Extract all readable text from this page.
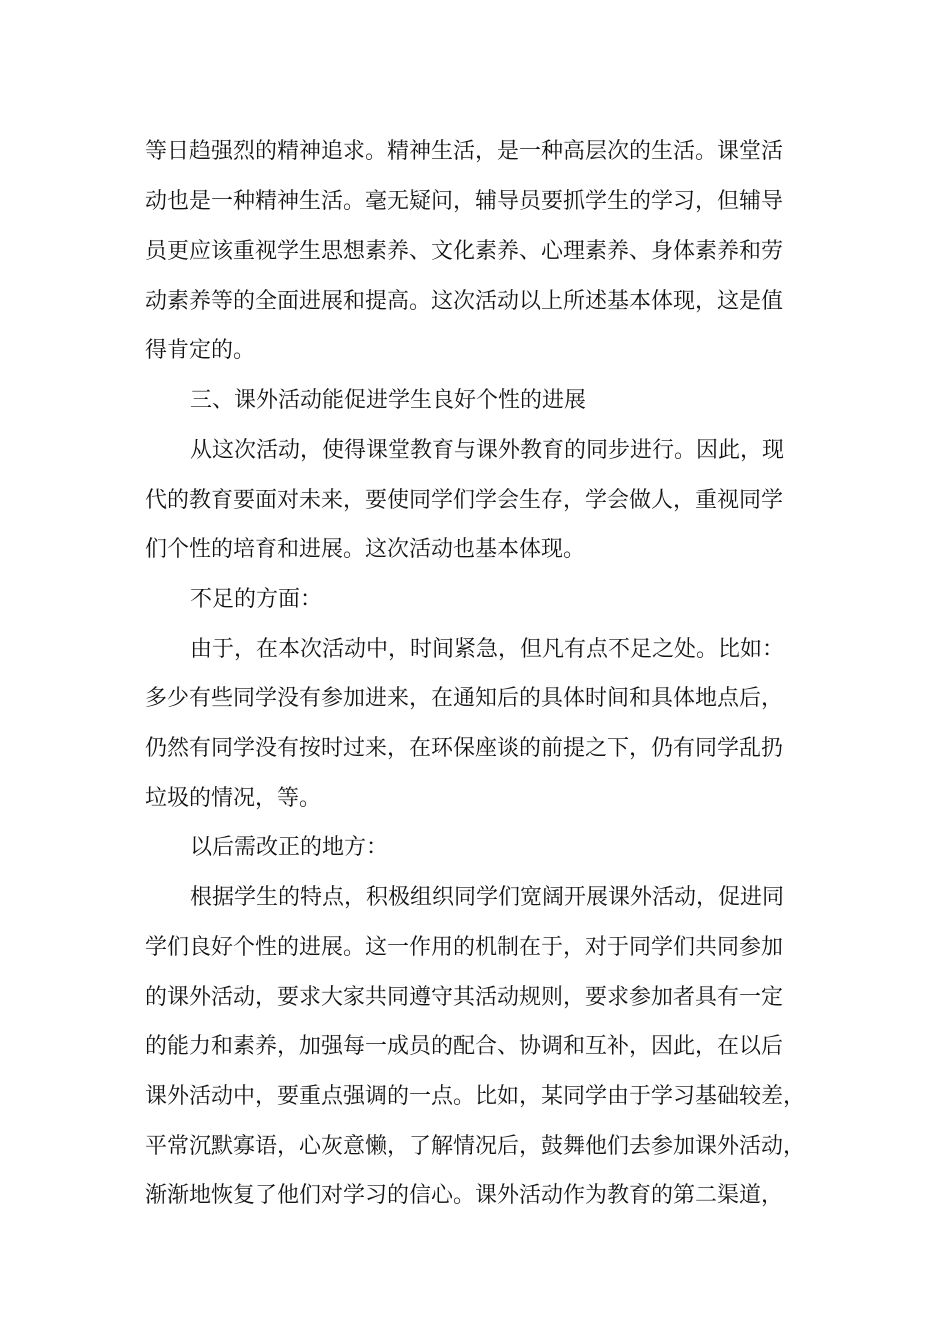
等日趋强烈的精神追求。精神生活，是一种高层次的生活。课堂活

动也是一种精神生活。毫无疑问，辅导员要抓学生的学习，但辅导

员更应该重视学生思想素养、文化素养、心理素养、身体素养和劳

动素养等的全面进展和提高。这次活动以上所述基本体现，这是值

得肯定的。

三、课外活动能促进学生良好个性的进展

从这次活动，使得课堂教育与课外教育的同步进行。因此，现

代的教育要面对未来，要使同学们学会生存，学会做人，重视同学

们个性的培育和进展。这次活动也基本体现。

不足的方面：

由于，在本次活动中，时间紧急，但凡有点不足之处。比如：

多少有些同学没有参加进来，在通知后的具体时间和具体地点后，

仍然有同学没有按时过来，在环保座谈的前提之下，仍有同学乱扔

垃圾的情况，等。

以后需改正的地方：

根据学生的特点，积极组织同学们宽阔开展课外活动，促进同

学们良好个性的进展。这一作用的机制在于，对于同学们共同参加

的课外活动，要求大家共同遵守其活动规则，要求参加者具有一定

的能力和素养，加强每一成员的配合、协调和互补，因此，在以后

课外活动中，要重点强调的一点。比如，某同学由于学习基础较差，

平常沉默寡语，心灰意懒，了解情况后，鼓舞他们去参加课外活动，

渐渐地恢复了他们对学习的信心。课外活动作为教育的第二渠道，
